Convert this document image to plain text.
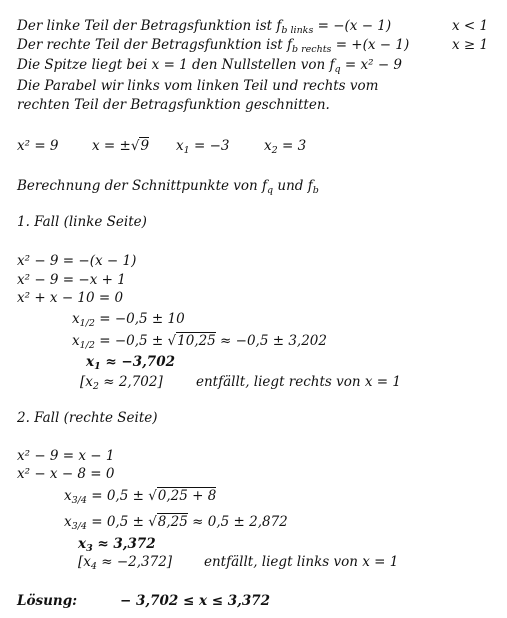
Der linke Teil der Betragsfunktion ist $f_{b links} = -(x - 1)$	x < 1
Der rechte Teil der Betragsfunktion ist $f_{b rechts} = +(x - 1)$	x ≥ 1
Die Spitze liegt bei x = 1 den Nullstellen von $f_q = x^2 - 9$
Die Parabel wir links vom linken Teil und rechts vom
rechten Teil der Betragsfunktion geschnitten.
x² = 9 x = ±√9 $x_1 = -3$	$x_2 = 3$
Berechnung der Schnittpunkte von $f_q$ und $f_b$
1. Fall (linke Seite)
x² − 9 = −(x − 1)
x² − 9 = −x + 1
x² + x − 10 = 0
$x_{1/2} = -0,5 \pm 10$
$x_{1/2} = -0,5 \pm √10,25 \approx -0,5 \pm 3,202$
$x_1 \approx -3,702$
$[x_2 \approx 2,702]$ entfällt, liegt rechts von x = 1
2. Fall (rechte Seite)
x² − 9 = x − 1
x² − x − 8 = 0
$x_{3/4} = 0,5 \pm √0,25 + 8$
$x_{3/4} = 0,5 \pm √8,25 \approx 0,5 \pm 2,872$
$x_3 \approx 3,372$
$[x_4 \approx -2,372]$ entfällt, liegt links von x = 1
Lösung:	− 3,702 ≤ x ≤ 3,372
